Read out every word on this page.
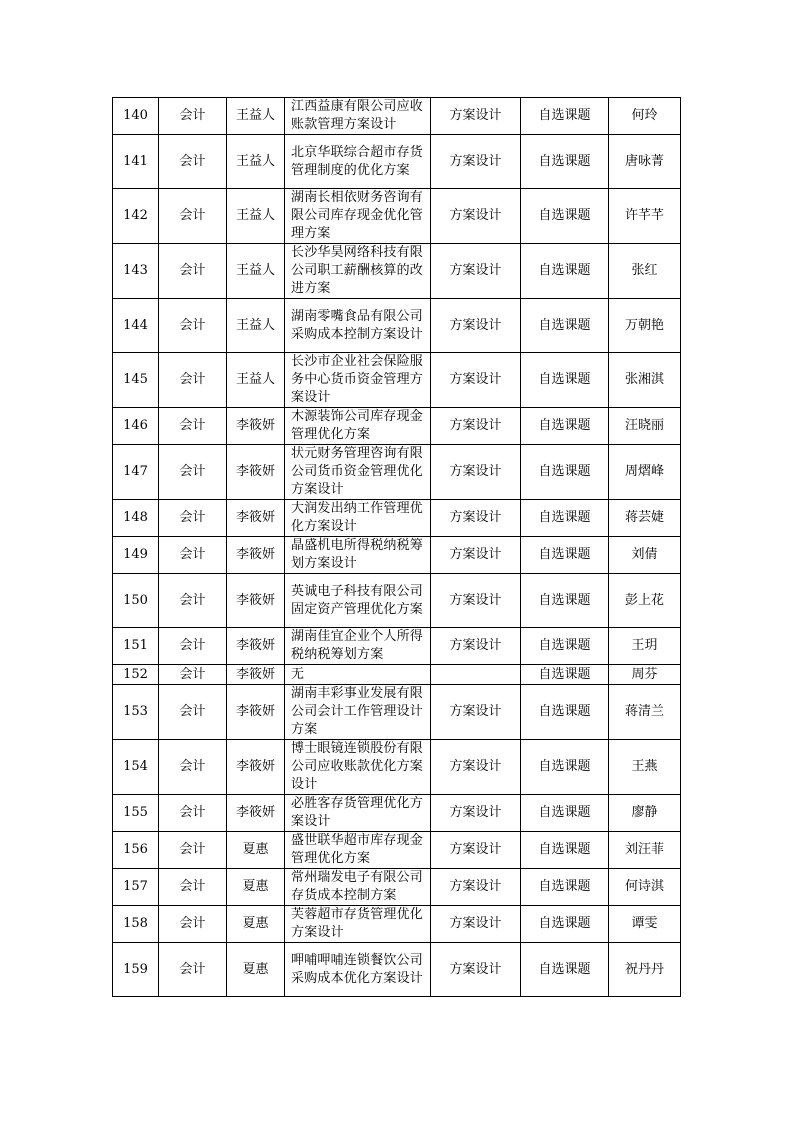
140	会计	王益人	江西益康有限公司应收账款管理方案设计	方案设计	自选课题	何玲
141	会计	王益人	北京华联综合超市存货管理制度的优化方案	方案设计	自选课题	唐咏菁
142	会计	王益人	湖南长相依财务咨询有限公司库存现金优化管理方案	方案设计	自选课题	许芊芊
143	会计	王益人	长沙华昊网络科技有限公司职工薪酬核算的改进方案	方案设计	自选课题	张红
144	会计	王益人	湖南零嘴食品有限公司采购成本控制方案设计	方案设计	自选课题	万朝艳
145	会计	王益人	长沙市企业社会保险服务中心货币资金管理方案设计	方案设计	自选课题	张湘淇
146	会计	李筱妍	木源装饰公司库存现金管理优化方案	方案设计	自选课题	汪晓丽
147	会计	李筱妍	状元财务管理咨询有限公司货币资金管理优化方案设计	方案设计	自选课题	周熠峰
148	会计	李筱妍	大润发出纳工作管理优化方案设计	方案设计	自选课题	蒋芸婕
149	会计	李筱妍	晶盛机电所得税纳税筹划方案设计	方案设计	自选课题	刘倩
150	会计	李筱妍	英诚电子科技有限公司固定资产管理优化方案	方案设计	自选课题	彭上花
151	会计	李筱妍	湖南佳宜企业个人所得税纳税筹划方案	方案设计	自选课题	王玥
152	会计	李筱妍	无		自选课题	周芬
153	会计	李筱妍	湖南丰彩事业发展有限公司会计工作管理设计方案	方案设计	自选课题	蒋清兰
154	会计	李筱妍	博士眼镜连锁股份有限公司应收账款优化方案设计	方案设计	自选课题	王燕
155	会计	李筱妍	必胜客存货管理优化方案设计	方案设计	自选课题	廖静
156	会计	夏惠	盛世联华超市库存现金管理优化方案	方案设计	自选课题	刘汪菲
157	会计	夏惠	常州瑞发电子有限公司存货成本控制方案	方案设计	自选课题	何诗淇
158	会计	夏惠	芙蓉超市存货管理优化方案设计	方案设计	自选课题	谭雯
159	会计	夏惠	呷哺呷哺连锁餐饮公司采购成本优化方案设计	方案设计	自选课题	祝丹丹
